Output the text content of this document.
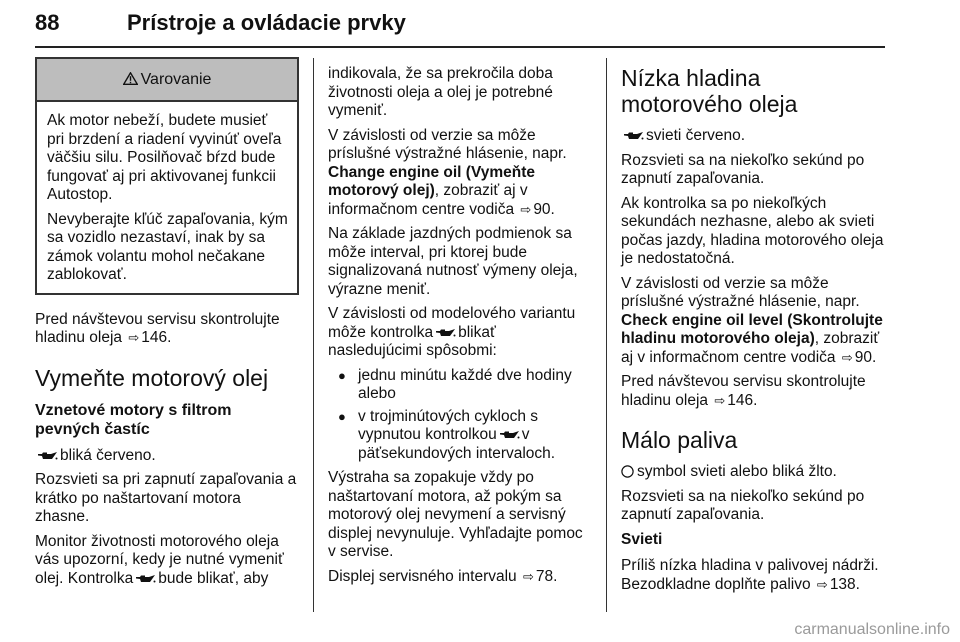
88	Prístroje a ovládacie prvky
Varovanie

Ak motor nebeží, budete musieť pri brzdení a riadení vyvinúť oveľa väčšiu silu. Posilňovač bŕzd bude fungovať aj pri aktivovanej funkcii Autostop.

Nevyberajte kľúč zapaľovania, kým sa vozidlo nezastaví, inak by sa zámok volantu mohol nečakane zablokovať.

Pred návštevou servisu skontrolujte hladinu oleja ⇨ 146.

Vymeňte motorový olej
Vznetové motory s filtrom pevných častíc

bliká červeno.

Rozsvieti sa pri zapnutí zapaľovania a krátko po naštartovaní motora zhasne.

Monitor životnosti motorového oleja vás upozorní, kedy je nutné vymeniť olej. Kontrolka bude blikať, aby

indikovala, že sa prekročila doba životnosti oleja a olej je potrebné vymeniť.

V závislosti od verzie sa môže príslušné výstražné hlásenie, napr. Change engine oil (Vymeňte motorový olej), zobraziť aj v informačnom centre vodiča ⇨ 90.

Na základe jazdných podmienok sa môže interval, pri ktorej bude signalizovaná nutnosť výmeny oleja, výrazne meniť.

V závislosti od modelového variantu môže kontrolka blikať nasledujúcimi spôsobmi:

● jednu minútu každé dve hodiny alebo
● v trojminútových cykloch s vypnutou kontrolkou v päťsekundových intervaloch.

Výstraha sa zopakuje vždy po naštartovaní motora, až pokým sa motorový olej nevymení a servisný displej nevynuluje. Vyhľadajte pomoc v servise.

Displej servisného intervalu ⇨ 78.

Nízka hladina motorového oleja

svieti červeno.

Rozsvieti sa na niekoľko sekúnd po zapnutí zapaľovania.

Ak kontrolka sa po niekoľkých sekundách nezhasne, alebo ak svieti počas jazdy, hladina motorového oleja je nedostatočná.

V závislosti od verzie sa môže príslušné výstražné hlásenie, napr. Check engine oil level (Skontrolujte hladinu motorového oleja), zobraziť aj v informačnom centre vodiča ⇨ 90.

Pred návštevou servisu skontrolujte hladinu oleja ⇨ 146.

Málo paliva

symbol svieti alebo bliká žlto.

Rozsvieti sa na niekoľko sekúnd po zapnutí zapaľovania.

Svieti

Príliš nízka hladina v palivovej nádrži. Bezodkladne doplňte palivo ⇨ 138.

carmanualsonline.info
